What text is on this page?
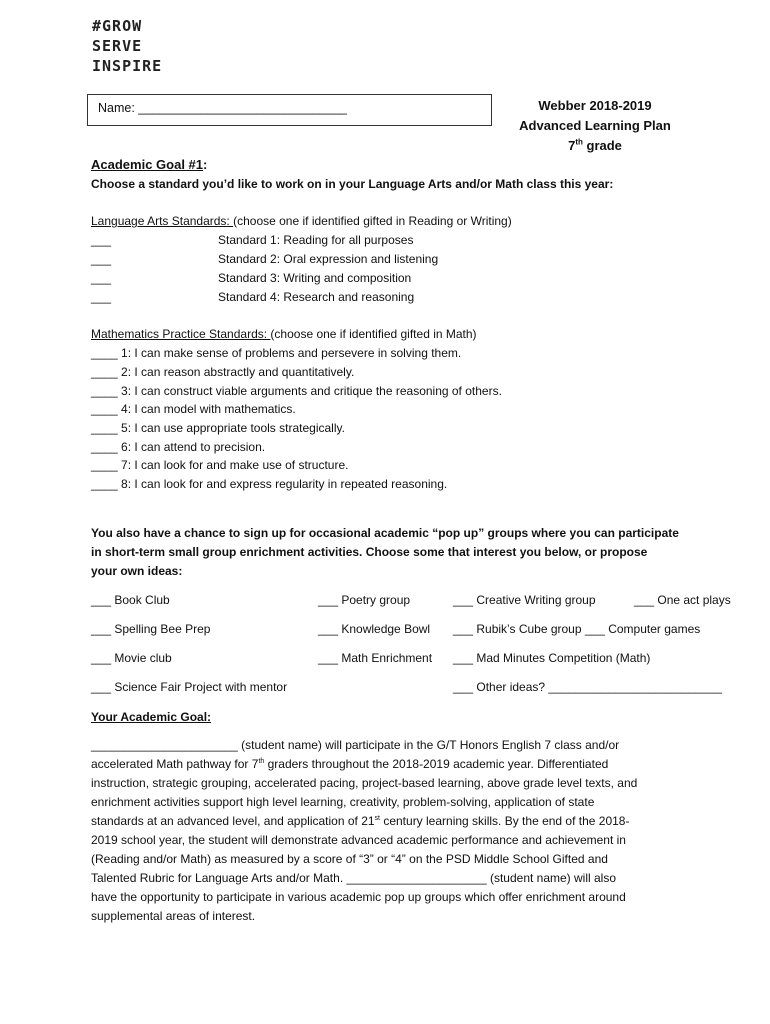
#GROW
SERVE
INSPIRE
Name: ______________________________	Webber 2018-2019
Advanced Learning Plan
7th grade
Academic Goal #1:
Choose a standard you’d like to work on in your Language Arts and/or Math class this year:
Language Arts Standards: (choose one if identified gifted in Reading or Writing)
___	Standard 1: Reading for all purposes
___	Standard 2: Oral expression and listening
___	Standard 3: Writing and composition
___	Standard 4: Research and reasoning
Mathematics Practice Standards: (choose one if identified gifted in Math)
____ 1: I can make sense of problems and persevere in solving them.
____ 2: I can reason abstractly and quantitatively.
____ 3: I can construct viable arguments and critique the reasoning of others.
____ 4: I can model with mathematics.
____ 5: I can use appropriate tools strategically.
____ 6: I can attend to precision.
____ 7: I can look for and make use of structure.
____ 8: I can look for and express regularity in repeated reasoning.
You also have a chance to sign up for occasional academic “pop up” groups where you can participate
in short-term small group enrichment activities. Choose some that interest you below, or propose
your own ideas:
___ Book Club	___ Poetry group	___ Creative Writing group	___ One act plays
___ Spelling Bee Prep	___ Knowledge Bowl ___ Rubik’s Cube group ___ Computer games
___ Movie club	___ Math Enrichment ___ Mad Minutes Competition (Math)
___ Science Fair Project with mentor	___ Other ideas? __________________________
Your Academic Goal:

______________________ (student name) will participate in the G/T Honors English 7 class and/or

accelerated Math pathway for 7th graders throughout the 2018-2019 academic year. Differentiated

instruction, strategic grouping, accelerated pacing, project-based learning, above grade level texts, and

enrichment activities support high level learning, creativity, problem-solving, application of state

standards at an advanced level, and application of 21st century learning skills. By the end of the 2018-

2019 school year, the student will demonstrate advanced academic performance and achievement in

(Reading and/or Math) as measured by a score of “3” or “4” on the PSD Middle School Gifted and

Talented Rubric for Language Arts and/or Math. _____________________ (student name) will also

have the opportunity to participate in various academic pop up groups which offer enrichment around

supplemental areas of interest.
